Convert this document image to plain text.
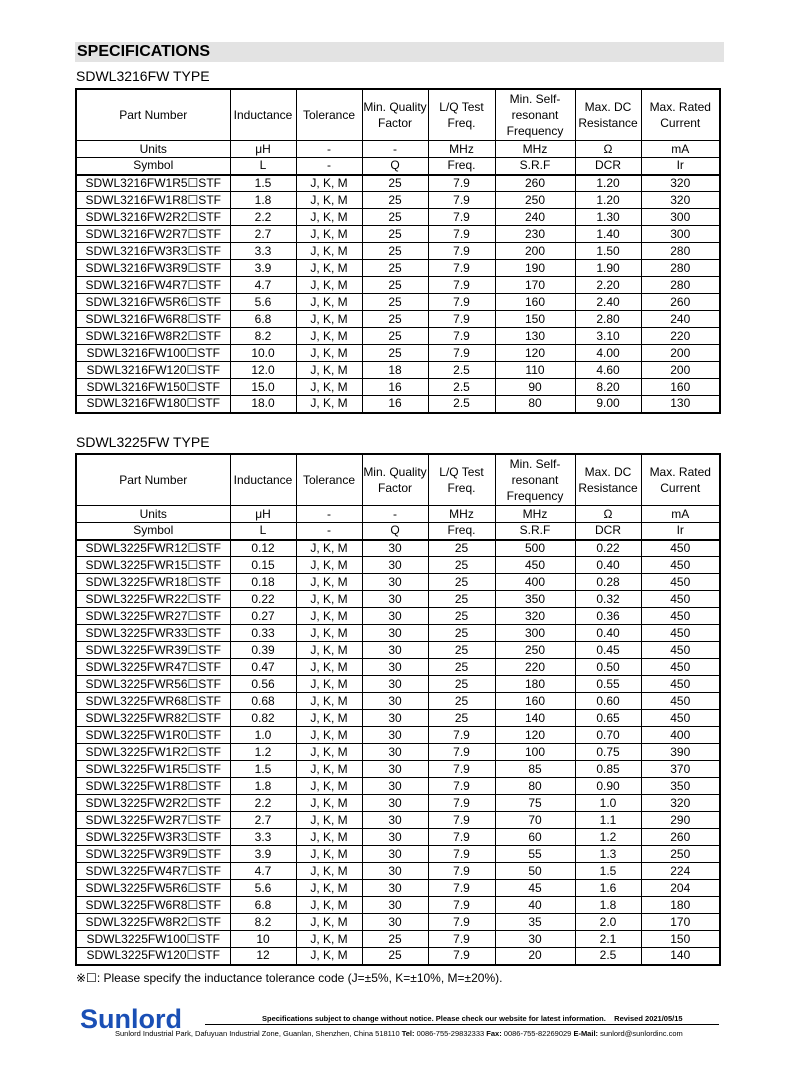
SPECIFICATIONS
SDWL3216FW TYPE
Part Number	Inductance	Tolerance	Min. Quality Factor	L/Q Test Freq.	Min. Self-resonant Frequency	Max. DC Resistance	Max. Rated Current
Units	μH	-	-	MHz	MHz	Ω	mA
Symbol	L	-	Q	Freq.	S.R.F	DCR	Ir
SDWL3216FW1R5☐STF	1.5	J, K, M	25	7.9	260	1.20	320
SDWL3216FW1R8☐STF	1.8	J, K, M	25	7.9	250	1.20	320
SDWL3216FW2R2☐STF	2.2	J, K, M	25	7.9	240	1.30	300
SDWL3216FW2R7☐STF	2.7	J, K, M	25	7.9	230	1.40	300
SDWL3216FW3R3☐STF	3.3	J, K, M	25	7.9	200	1.50	280
SDWL3216FW3R9☐STF	3.9	J, K, M	25	7.9	190	1.90	280
SDWL3216FW4R7☐STF	4.7	J, K, M	25	7.9	170	2.20	280
SDWL3216FW5R6☐STF	5.6	J, K, M	25	7.9	160	2.40	260
SDWL3216FW6R8☐STF	6.8	J, K, M	25	7.9	150	2.80	240
SDWL3216FW8R2☐STF	8.2	J, K, M	25	7.9	130	3.10	220
SDWL3216FW100☐STF	10.0	J, K, M	25	7.9	120	4.00	200
SDWL3216FW120☐STF	12.0	J, K, M	18	2.5	110	4.60	200
SDWL3216FW150☐STF	15.0	J, K, M	16	2.5	90	8.20	160
SDWL3216FW180☐STF	18.0	J, K, M	16	2.5	80	9.00	130
SDWL3225FW TYPE
Part Number	Inductance	Tolerance	Min. Quality Factor	L/Q Test Freq.	Min. Self-resonant Frequency	Max. DC Resistance	Max. Rated Current
Units	μH	-	-	MHz	MHz	Ω	mA
Symbol	L	-	Q	Freq.	S.R.F	DCR	Ir
SDWL3225FWR12☐STF	0.12	J, K, M	30	25	500	0.22	450
SDWL3225FWR15☐STF	0.15	J, K, M	30	25	450	0.40	450
SDWL3225FWR18☐STF	0.18	J, K, M	30	25	400	0.28	450
SDWL3225FWR22☐STF	0.22	J, K, M	30	25	350	0.32	450
SDWL3225FWR27☐STF	0.27	J, K, M	30	25	320	0.36	450
SDWL3225FWR33☐STF	0.33	J, K, M	30	25	300	0.40	450
SDWL3225FWR39☐STF	0.39	J, K, M	30	25	250	0.45	450
SDWL3225FWR47☐STF	0.47	J, K, M	30	25	220	0.50	450
SDWL3225FWR56☐STF	0.56	J, K, M	30	25	180	0.55	450
SDWL3225FWR68☐STF	0.68	J, K, M	30	25	160	0.60	450
SDWL3225FWR82☐STF	0.82	J, K, M	30	25	140	0.65	450
SDWL3225FW1R0☐STF	1.0	J, K, M	30	7.9	120	0.70	400
SDWL3225FW1R2☐STF	1.2	J, K, M	30	7.9	100	0.75	390
SDWL3225FW1R5☐STF	1.5	J, K, M	30	7.9	85	0.85	370
SDWL3225FW1R8☐STF	1.8	J, K, M	30	7.9	80	0.90	350
SDWL3225FW2R2☐STF	2.2	J, K, M	30	7.9	75	1.0	320
SDWL3225FW2R7☐STF	2.7	J, K, M	30	7.9	70	1.1	290
SDWL3225FW3R3☐STF	3.3	J, K, M	30	7.9	60	1.2	260
SDWL3225FW3R9☐STF	3.9	J, K, M	30	7.9	55	1.3	250
SDWL3225FW4R7☐STF	4.7	J, K, M	30	7.9	50	1.5	224
SDWL3225FW5R6☐STF	5.6	J, K, M	30	7.9	45	1.6	204
SDWL3225FW6R8☐STF	6.8	J, K, M	30	7.9	40	1.8	180
SDWL3225FW8R2☐STF	8.2	J, K, M	30	7.9	35	2.0	170
SDWL3225FW100☐STF	10	J, K, M	25	7.9	30	2.1	150
SDWL3225FW120☐STF	12	J, K, M	25	7.9	20	2.5	140
※☐: Please specify the inductance tolerance code (J=±5%, K=±10%, M=±20%).
Sunlord	Specifications subject to change without notice. Please check our website for latest information. Revised 2021/05/15
Sunlord Industrial Park, Dafuyuan Industrial Zone, Guanlan, Shenzhen, China 518110 Tel: 0086-755-29832333 Fax: 0086-755-82269029 E-Mail: sunlord@sunlordinc.com
